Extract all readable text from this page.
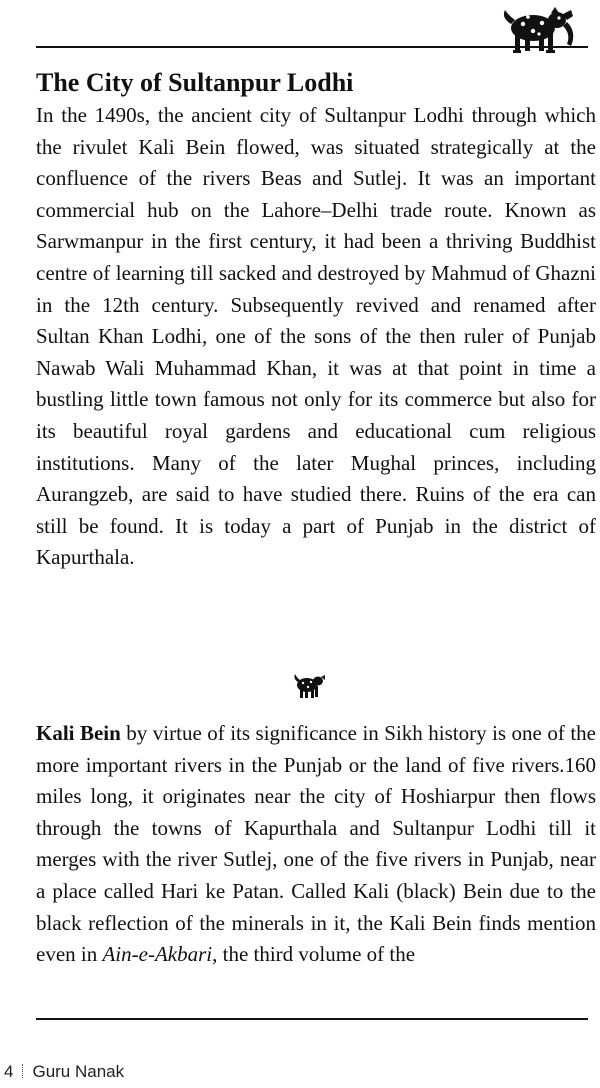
The City of Sultanpur Lodhi

In the 1490s, the ancient city of Sultanpur Lodhi through which the rivulet Kali Bein flowed, was situated strategically at the confluence of the rivers Beas and Sutlej. It was an important commercial hub on the Lahore–Delhi trade route. Known as Sarwmanpur in the first century, it had been a thriving Buddhist centre of learning till sacked and destroyed by Mahmud of Ghazni in the 12th century. Subsequently revived and renamed after Sultan Khan Lodhi, one of the sons of the then ruler of Punjab Nawab Wali Muhammad Khan, it was at that point in time a bustling little town famous not only for its commerce but also for its beautiful royal gardens and educational cum religious institutions. Many of the later Mughal princes, including Aurangzeb, are said to have studied there. Ruins of the era can still be found. It is today a part of Punjab in the district of Kapurthala.

Kali Bein by virtue of its significance in Sikh history is one of the more important rivers in the Punjab or the land of five rivers.160 miles long, it originates near the city of Hoshiarpur then flows through the towns of Kapurthala and Sultanpur Lodhi till it merges with the river Sutlej, one of the five rivers in Punjab, near a place called Hari ke Patan. Called Kali (black) Bein due to the black reflection of the minerals in it, the Kali Bein finds mention even in Ain-e-Akbari, the third volume of the

4 Guru Nanak
